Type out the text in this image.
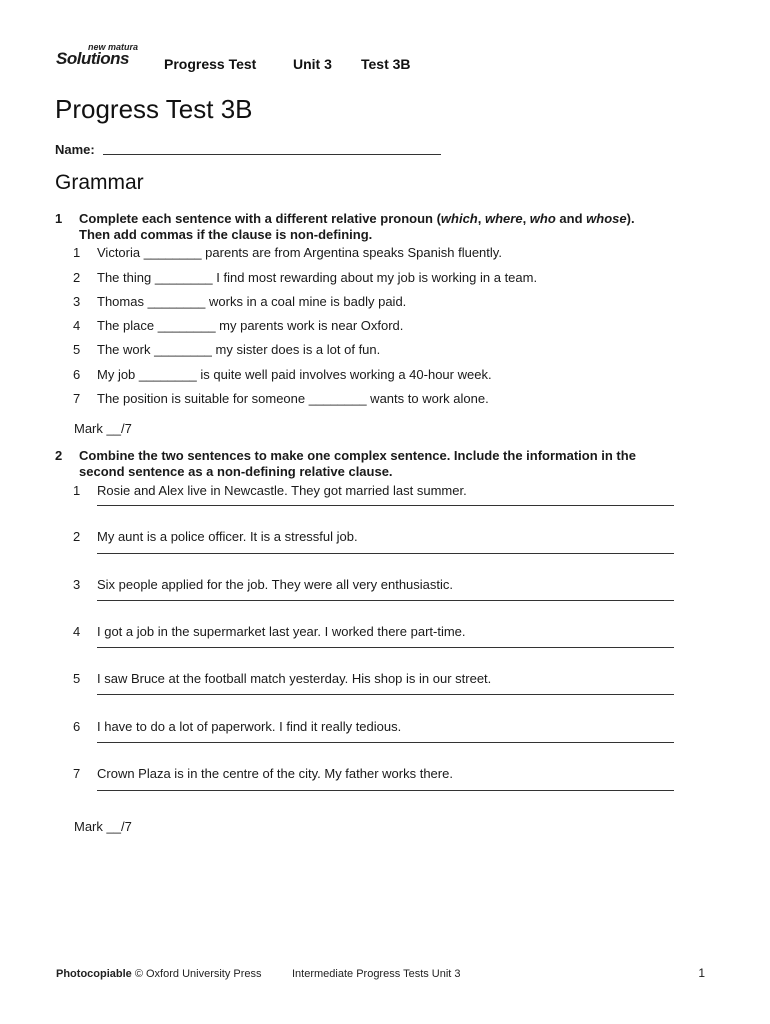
new matura
Solutions	Progress Test	Unit 3 Test 3B
Progress Test 3B
Name:
Grammar
1 Complete each sentence with a different relative pronoun (which, where, who and whose).
Then add commas if the clause is non-defining.
1 Victoria ________ parents are from Argentina speaks Spanish fluently.
2 The thing ________ I find most rewarding about my job is working in a team.
3 Thomas ________ works in a coal mine is badly paid.
4 The place ________ my parents work is near Oxford.
5 The work ________ my sister does is a lot of fun.
6 My job ________ is quite well paid involves working a 40-hour week.
7 The position is suitable for someone ________ wants to work alone.
Mark __/7
2 Combine the two sentences to make one complex sentence. Include the information in the
second sentence as a non-defining relative clause.
1 Rosie and Alex live in Newcastle. They got married last summer.
2 My aunt is a police officer. It is a stressful job.
3 Six people applied for the job. They were all very enthusiastic.
4 I got a job in the supermarket last year. I worked there part-time.
5 I saw Bruce at the football match yesterday. His shop is in our street.
6 I have to do a lot of paperwork. I find it really tedious.
7 Crown Plaza is in the centre of the city. My father works there.
Mark __/7
Photocopiable © Oxford University Press	Intermediate Progress Tests Unit 3	1
